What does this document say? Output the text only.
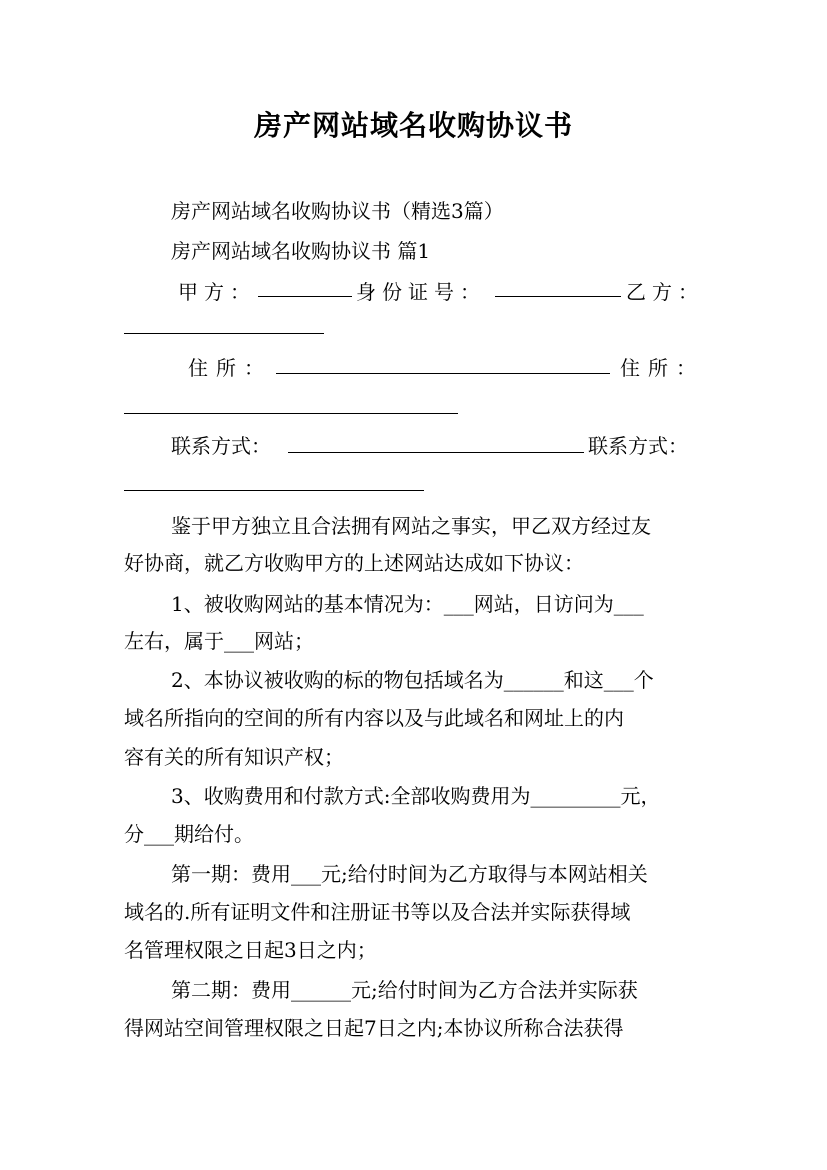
房产网站域名收购协议书
房产网站域名收购协议书（精选3篇）
房产网站域名收购协议书 篇1
甲方：	身份证号：	乙方：
住所：	住所：
联系方式：	联系方式：
鉴于甲方独立且合法拥有网站之事实，甲乙双方经过友
好协商，就乙方收购甲方的上述网站达成如下协议：
1、被收购网站的基本情况为：___网站，日访问为___
左右，属于___网站；
2、本协议被收购的标的物包括域名为______和这___个
域名所指向的空间的所有内容以及与此域名和网址上的内
容有关的所有知识产权；
3、收购费用和付款方式:全部收购费用为_________元，
分___期给付。
第一期：费用___元;给付时间为乙方取得与本网站相关
域名的.所有证明文件和注册证书等以及合法并实际获得域
名管理权限之日起3日之内；
第二期：费用______元;给付时间为乙方合法并实际获
得网站空间管理权限之日起7日之内;本协议所称合法获得
